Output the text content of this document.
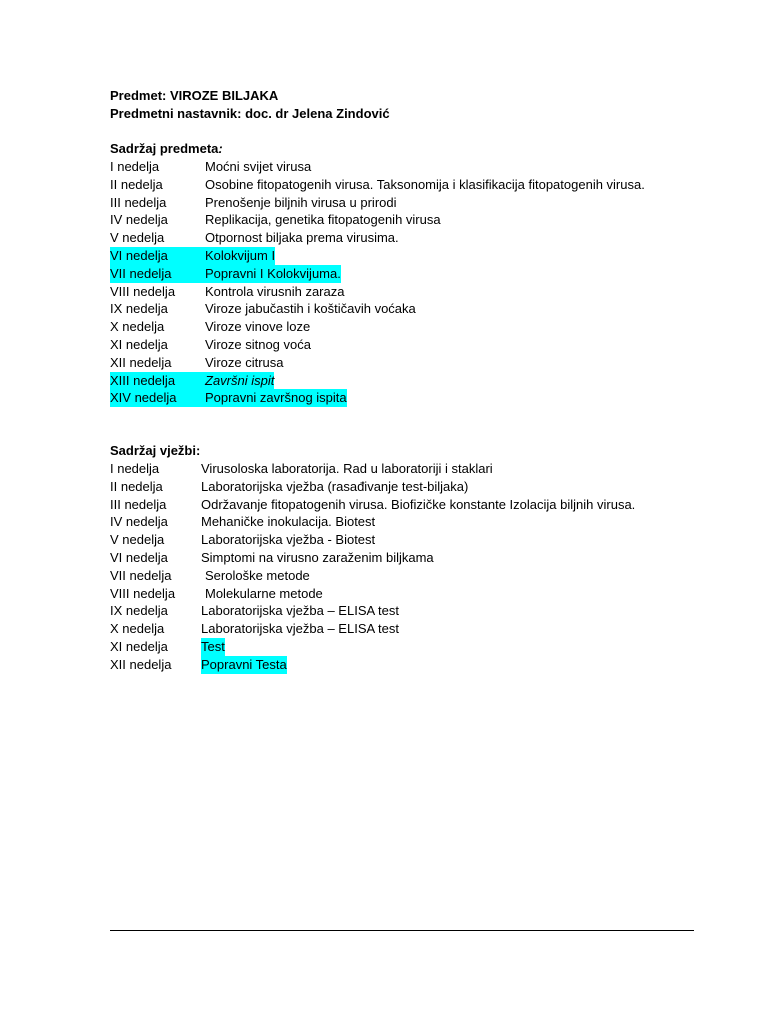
Predmet: VIROZE BILJAKA

Predmetni nastavnik: doc. dr Jelena Zindović

Sadržaj predmeta:

I nedelja	Moćni svijet virusa
II nedelja	Osobine fitopatogenih virusa. Taksonomija i klasifikacija fitopatogenih virusa.
III nedelja	Prenošenje biljnih virusa u prirodi
IV nedelja	Replikacija, genetika fitopatogenih virusa
V nedelja	Otpornost biljaka prema virusima.
VI nedelja	Kolokvijum I
VII nedelja	Popravni I Kolokvijuma.
VIII nedelja Kontrola virusnih zaraza
IX nedelja	Viroze jabučastih i koštičavih voćaka
X nedelja	Viroze vinove loze
XI nedelja	Viroze sitnog voća
XII nedelja	Viroze citrusa
XIII nedelja	Završni ispit
XIV nedelja	Popravni završnog ispita

Sadržaj vježbi:

I nedelja	Virusoloska laboratorija. Rad u laboratoriji i staklari
II nedelja	Laboratorijska vježba (rasađivanje test-biljaka)
III nedelja	Održavanje fitopatogenih virusa. Biofizičke konstante Izolacija biljnih virusa.
IV nedelja	Mehaničke inokulacija. Biotest
V nedelja	Laboratorijska vježba - Biotest
VI nedelja	Simptomi na virusno zaraženim biljkama
VII nedelja	Serološke metode
VIII nedelja Molekularne metode
IX nedelja	Laboratorijska vježba – ELISA test
X nedelja	Laboratorijska vježba – ELISA test
XI nedelja	Test
XII nedelja Popravni Testa
